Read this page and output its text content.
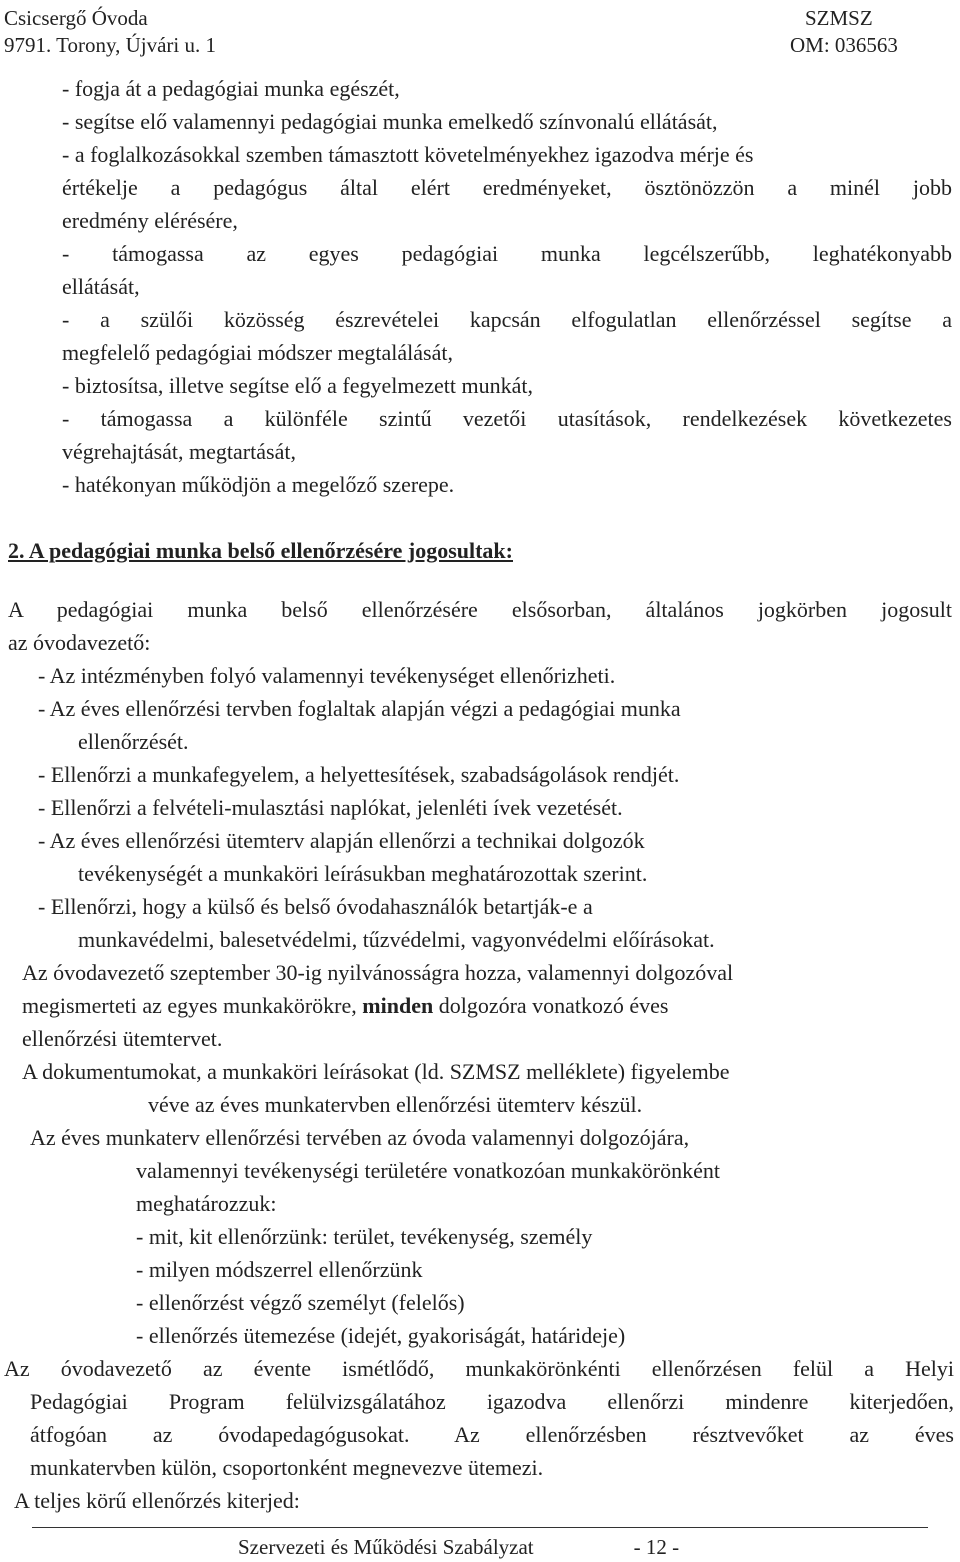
Csicsergő Óvoda
9791. Torony, Újvári u. 1
SZMSZ
OM: 036563
- fogja át a pedagógiai munka egészét,
- segítse elő valamennyi pedagógiai munka emelkedő színvonalú ellátását,
- a foglalkozásokkal szemben támasztott követelményekhez igazodva mérje és
értékelje a pedagógus által elért eredményeket, ösztönözzön a minél jobb
eredmény elérésére,
- támogassa az egyes pedagógiai munka legcélszerűbb, leghatékonyabb
ellátását,
- a szülői közösség észrevételei kapcsán elfogulatlan ellenőrzéssel segítse a
megfelelő pedagógiai módszer megtalálását,
- biztosítsa, illetve segítse elő a fegyelmezett munkát,
- támogassa a különféle szintű vezetői utasítások, rendelkezések következetes
végrehajtását, megtartását,
- hatékonyan működjön a megelőző szerepe.
2. A pedagógiai munka belső ellenőrzésére jogosultak:
A pedagógiai munka belső ellenőrzésére elsősorban, általános jogkörben jogosult
az óvodavezető:
- Az intézményben folyó valamennyi tevékenységet ellenőrizheti.
- Az éves ellenőrzési tervben foglaltak alapján végzi a pedagógiai munka
ellenőrzését.
- Ellenőrzi a munkafegyelem, a helyettesítések, szabadságolások rendjét.
- Ellenőrzi a felvételi-mulasztási naplókat, jelenléti ívek vezetését.
- Az éves ellenőrzési ütemterv alapján ellenőrzi a technikai dolgozók
tevékenységét a munkaköri leírásukban meghatározottak szerint.
- Ellenőrzi, hogy a külső és belső óvodahasználók betartják-e a
munkavédelmi, balesetvédelmi, tűzvédelmi, vagyonvédelmi előírásokat.
Az óvodavezető szeptember 30-ig nyilvánosságra hozza, valamennyi dolgozóval
megismerteti az egyes munkakörökre, minden dolgozóra vonatkozó éves
ellenőrzési ütemtervet.
A dokumentumokat, a munkaköri leírásokat (ld. SZMSZ melléklete) figyelembe
véve az éves munkatervben ellenőrzési ütemterv készül.
Az éves munkaterv ellenőrzési tervében az óvoda valamennyi dolgozójára,
valamennyi tevékenységi területére vonatkozóan munkakörönként
meghatározzuk:
- mit, kit ellenőrzünk: terület, tevékenység, személy
- milyen módszerrel ellenőrzünk
- ellenőrzést végző személyt (felelős)
- ellenőrzés ütemezése (idejét, gyakoriságát, határideje)
Az óvodavezető az évente ismétlődő, munkakörönkénti ellenőrzésen felül a Helyi
Pedagógiai Program felülvizsgálatához igazodva ellenőrzi mindenre kiterjedően,
átfogóan az óvodapedagógusokat. Az ellenőrzésben résztvevőket az éves
munkatervben külön, csoportonként megnevezve ütemezi.
A teljes körű ellenőrzés kiterjed:
Szervezeti és Működési Szabályzat	- 12 -
